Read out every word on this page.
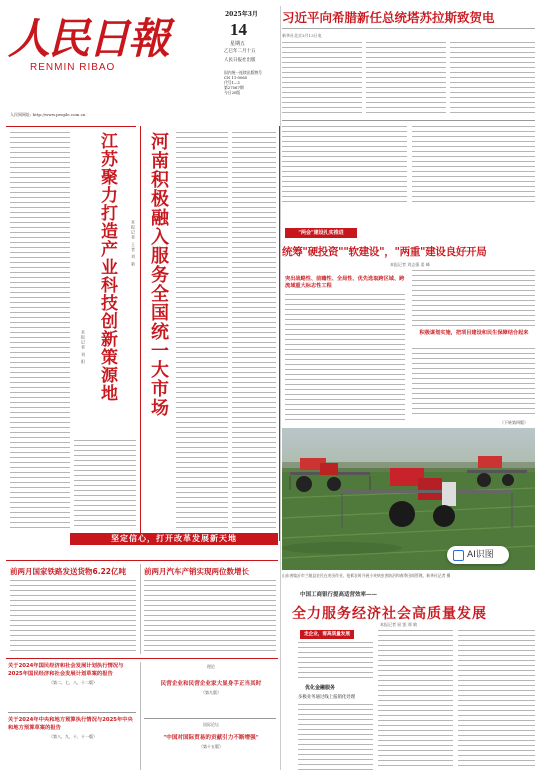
人民日報
RENMIN RIBAO
2025年3月
14
星期五
乙巳年二月十五
人民日报社出版
国内统一连续出版物号
CN 11-0065
代号1—1
第27567期
今日20版
人民网网址: http://www.people.com.cn
习近平向希腊新任总统塔苏拉斯致贺电
新华社北京3月13日电
江苏聚力打造产业科技创新策源地
本报记者 刘 阳	河南积极融入服务全国统一大市场
本报记者 王者 刘 新
坚定信心，打开改革发展新天地
"两会"建设扎实推进
统筹"硬投资""软建设"，"两重"建设良好开局
本报记者 刘志强 姜 峰
突出战略性、前瞻性、全局性、优先选取跨区域、跨流域重大标志性工程
积极谋划实施，把项目建设和民生保障结合起来
（下转第四版）
AI识图
山东省临沂市兰陵县农民在麦田作业，抢抓农时开展小麦病虫害防治和春季田间管理。新华社记者 摄
前两月国家铁路发送货物6.22亿吨 前两月汽车产销实现两位数增长
中国工商银行提高适营效率——
全力服务经济社会高质量发展
本报记者 屈 凯 郑 敏
走企业，看高质量发展
优化金融服务
多极业务通过线上报销化处理
关于2024年国民经济和社会发展计划执行情况与2025年国民经济和社会发展计划草案的报告
（第二、七、八、十二版）
关于2024年中央和地方预算执行情况与2025年中央和地方预算草案的报告
（第八、九、十、十一版）
理论
民营企业和民营企业家大显身手正当其时
（第九版）
国际论坛
"中国对国际贸易的贡献引力不断增强"
（第十五版）
